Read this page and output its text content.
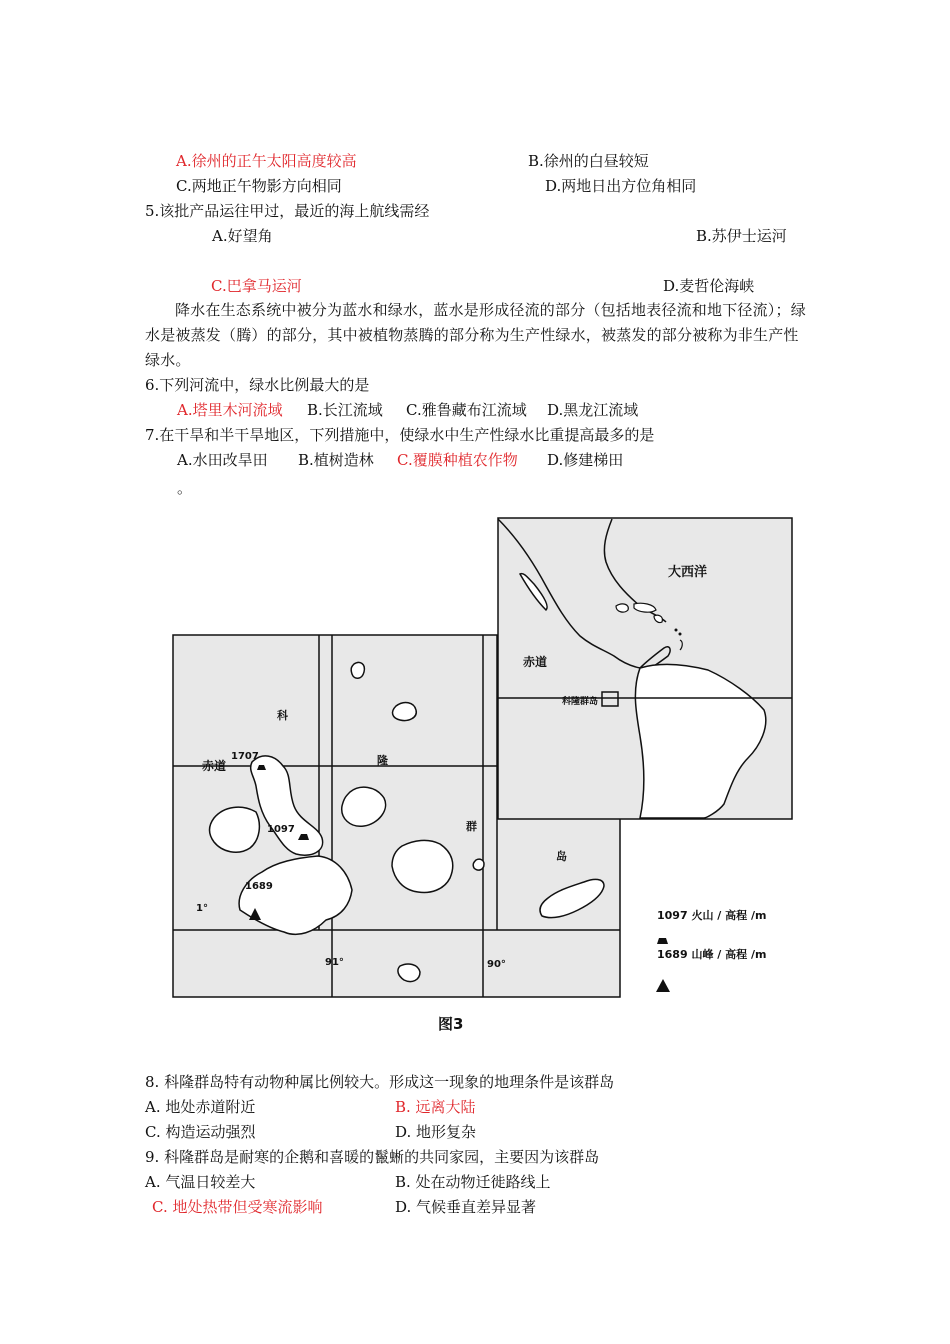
A.徐州的正午太阳高度较高	B.徐州的白昼较短
C.两地正午物影方向相同	D.两地日出方位角相同
5.该批产品运往甲过，最近的海上航线需经
A.好望角	B.苏伊士运河
C.巴拿马运河	D.麦哲伦海峡
降水在生态系统中被分为蓝水和绿水，蓝水是形成径流的部分（包括地表径流和地下径流）；绿水是被蒸发（腾）的部分，其中被植物蒸腾的部分称为生产性绿水，被蒸发的部分被称为非生产性绿水。
6.下列河流中，绿水比例最大的是
A.塔里木河流域 B.长江流域 C.雅鲁藏布江流域 D.黑龙江流域
7.在干旱和半干旱地区，下列措施中，使绿水中生产性绿水比重提高最多的是
A.水田改旱田 B.植树造林 C.覆膜种植农作物 D.修建梯田
。
大西洋
赤道
科隆群岛
赤道
科
隆
群
岛
1707
1097
1689
1°
91°	90°
1097 火山 / 高程 /m
1689 山峰 / 高程 /m
图3
8. 科隆群岛特有动物种属比例较大。形成这一现象的地理条件是该群岛
A. 地处赤道附近	B. 远离大陆
C. 构造运动强烈	D. 地形复杂
9. 科隆群岛是耐寒的企鹅和喜暖的鬣蜥的共同家园，主要因为该群岛
A. 气温日较差大	B. 处在动物迁徙路线上
C. 地处热带但受寒流影响	D. 气候垂直差异显著
